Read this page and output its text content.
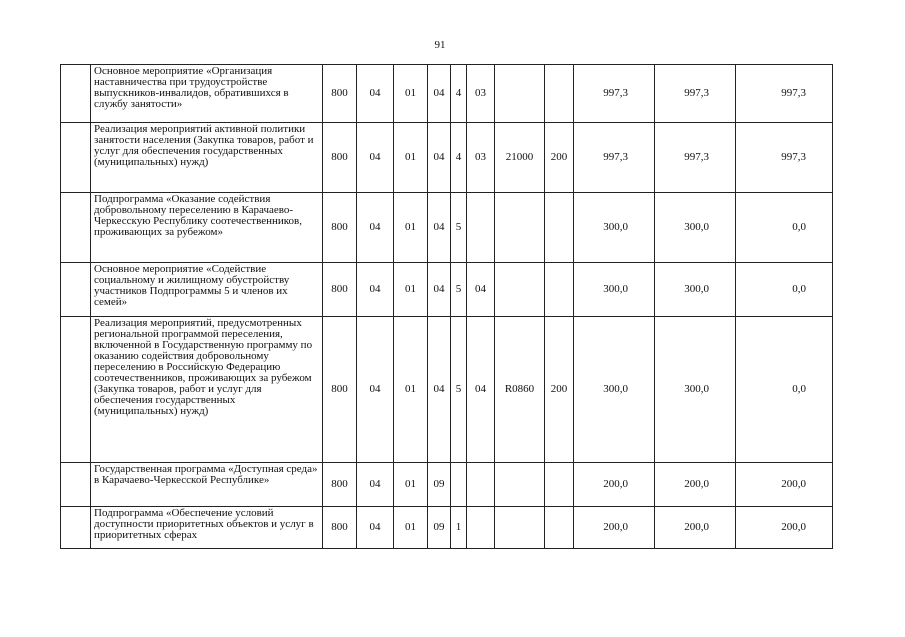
91
	Основное мероприятие «Организация наставничества при трудоустройстве выпускников-инвалидов, обратившихся в службу занятости»	800	04	01	04	4	03			997,3	997,3	997,3
	Реализация мероприятий активной политики занятости населения (Закупка товаров, работ и услуг для обеспечения государственных (муниципальных) нужд)	800	04	01	04	4	03	21000	200	997,3	997,3	997,3
	Подпрограмма «Оказание содействия добровольному переселению в Карачаево-Черкесскую Республику соотечественников, проживающих за рубежом»	800	04	01	04	5				300,0	300,0	0,0
	Основное мероприятие «Содействие социальному и жилищному обустройству участников Подпрограммы 5 и членов их семей»	800	04	01	04	5	04			300,0	300,0	0,0
	Реализация мероприятий, предусмотренных региональной программой переселения, включенной в Государственную программу по оказанию содействия добровольному переселению в Российскую Федерацию соотечественников, проживающих за рубежом (Закупка товаров, работ и услуг для обеспечения государственных (муниципальных) нужд)	800	04	01	04	5	04	R0860	200	300,0	300,0	0,0
	Государственная программа «Доступная среда» в Карачаево-Черкесской Республике»	800	04	01	09					200,0	200,0	200,0
	Подпрограмма «Обеспечение условий доступности приоритетных объектов и услуг в приоритетных сферах	800	04	01	09	1				200,0	200,0	200,0
